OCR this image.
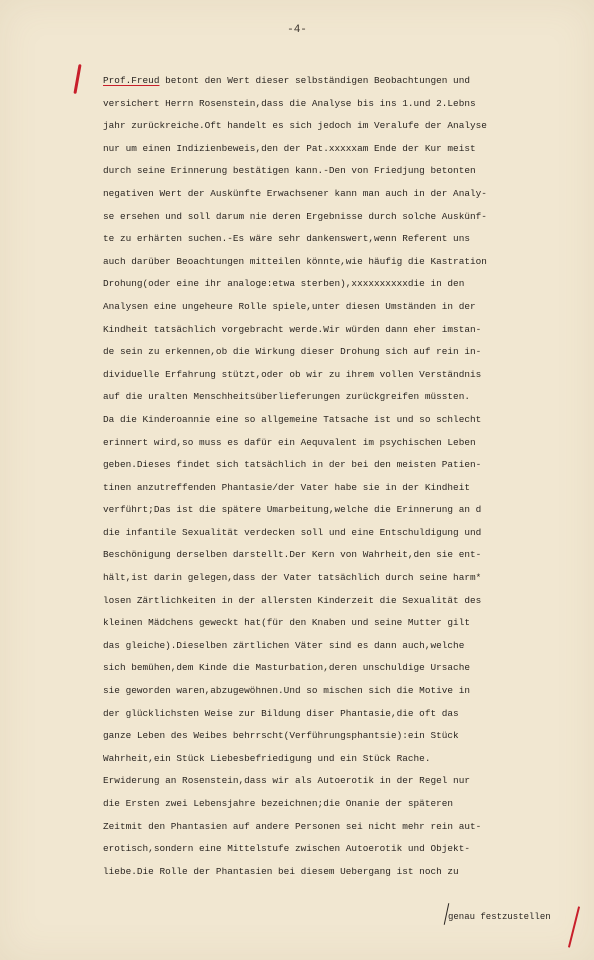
-4-
Prof.Freud betont den Wert dieser selbständigen Beobachtungen und
versichert Herrn Rosenstein,dass die Analyse bis ins 1.und 2.Lebns
jahr zurückreiche.Oft handelt es sich jedoch im Veralufe der Analyse
nur um einen Indizienbeweis,den der Pat.xxxxxam Ende der Kur meist
durch seine Erinnerung bestätigen kann.-Den von Friedjung betonten
negativen Wert der Auskünfte Erwachsener kann man auch in der Analy-
se ersehen und soll darum nie deren Ergebnisse durch solche Auskünf-
te zu erhärten suchen.-Es wäre sehr dankenswert,wenn Referent uns
auch darüber Beoachtungen mitteilen könnte,wie häufig die Kastration
Drohung(oder eine ihr analoge:etwa sterben),xxxxxxxxxxdie in den
Analysen eine ungeheure Rolle spiele,unter diesen Umständen in der
Kindheit tatsächlich vorgebracht werde.Wir würden dann eher imstan-
de sein zu erkennen,ob die Wirkung dieser Drohung sich auf rein in-
dividuelle Erfahrung stützt,oder ob wir zu ihrem vollen Verständnis
auf die uralten Menschheitsüberlieferungen zurückgreifen müssten.
Da die Kinderoannie eine so allgemeine Tatsache ist und so schlecht
erinnert wird,so muss es dafür ein Aequvalent im psychischen Leben
geben.Dieses findet sich tatsächlich in der bei den meisten Patien-
tinen anzutreffenden Phantasie/der Vater habe sie in der Kindheit
verführt;Das ist die spätere Umarbeitung,welche die Erinnerung an d
die infantile Sexualität verdecken soll und eine Entschuldigung und
Beschönigung derselben darstellt.Der Kern von Wahrheit,den sie ent-
hält,ist darin gelegen,dass der Vater tatsächlich durch seine harm*
losen Zärtlichkeiten in der allersten Kinderzeit die Sexualität des
kleinen Mädchens geweckt hat(für den Knaben und seine Mutter gilt
das gleiche).Dieselben zärtlichen Väter sind es dann auch,welche
sich bemühen,dem Kinde die Masturbation,deren unschuldige Ursache
sie geworden waren,abzugewöhnen.Und so mischen sich die Motive in
der glücklichsten Weise zur Bildung diser Phantasie,die oft das
ganze Leben des Weibes behrrscht(Verführungsphantsie):ein Stück
Wahrheit,ein Stück Liebesbefriedigung und ein Stück Rache.
Erwiderung an Rosenstein,dass wir als Autoerotik in der Regel nur
die Ersten zwei Lebensjahre bezeichnen;die Onanie der späteren
Zeitmit den Phantasien auf andere Personen sei nicht mehr rein aut-
erotisch,sondern eine Mittelstufe zwischen Autoerotik und Objekt-
liebe.Die Rolle der Phantasien bei diesem Uebergang ist noch zu
genau festzustellen
